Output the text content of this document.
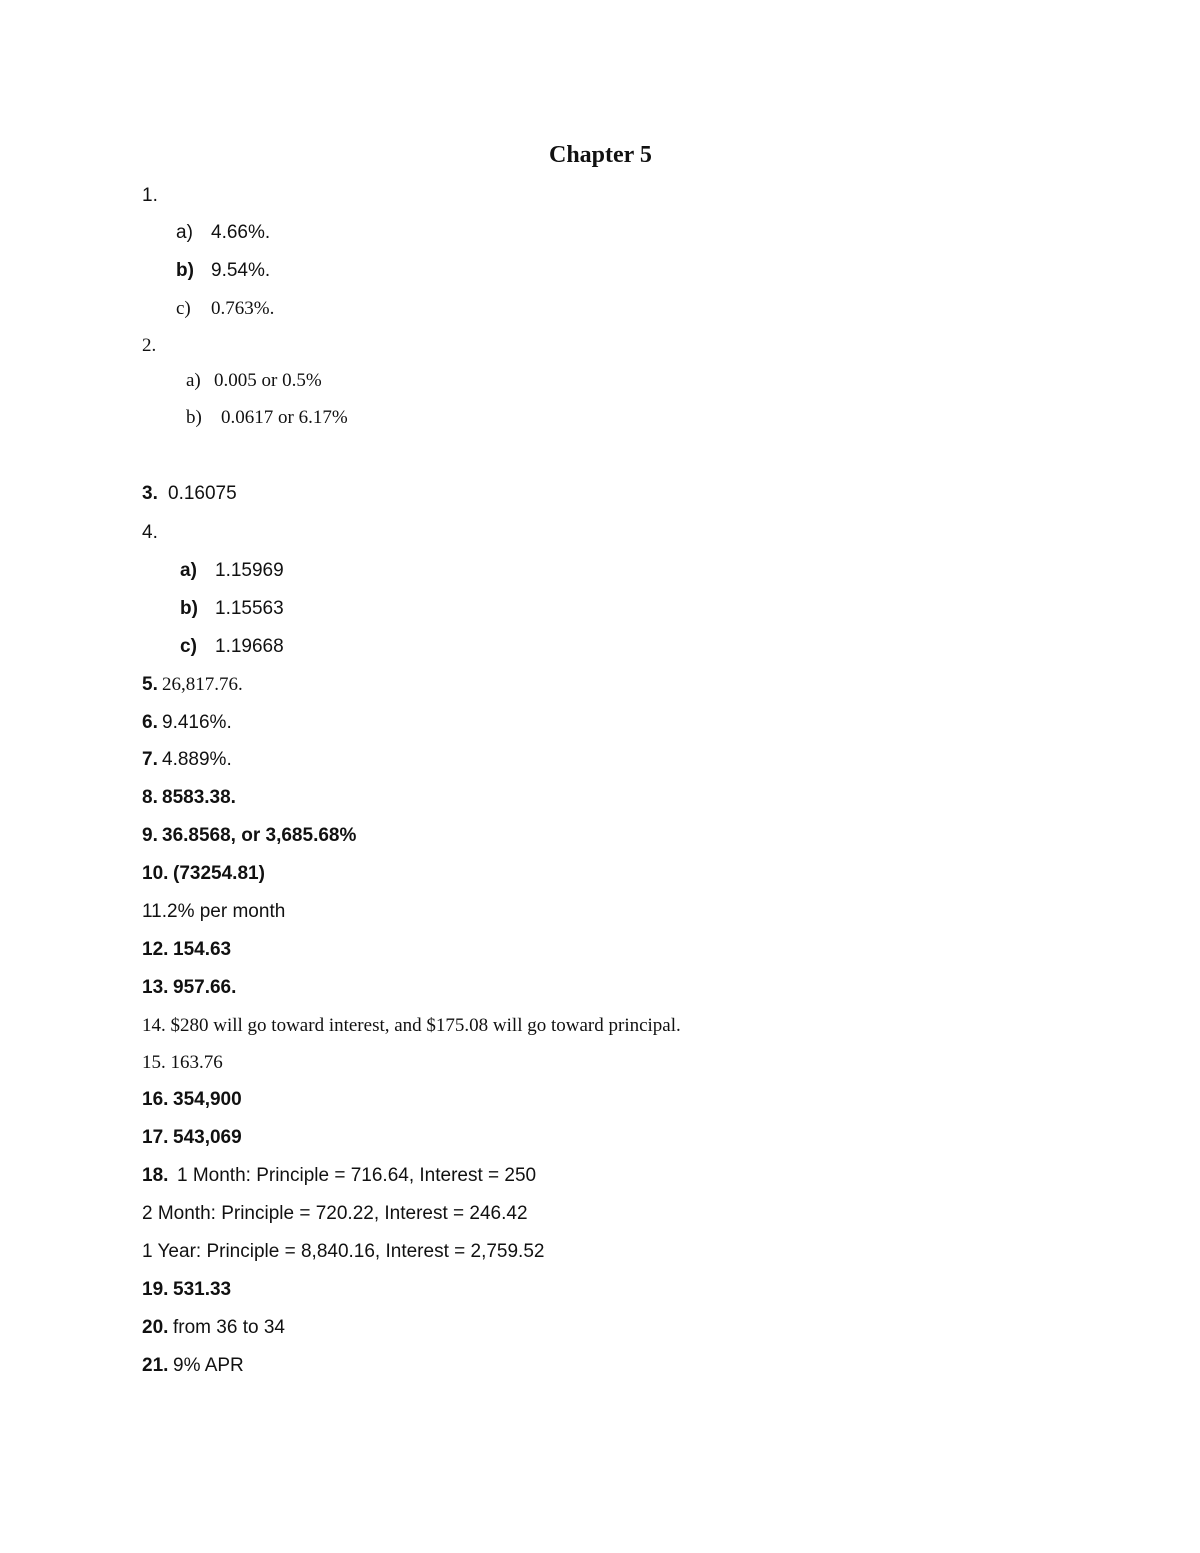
Chapter 5
1.
a) 4.66%.
b) 9.54%.
c) 0.763%.
2.
a) 0.005 or 0.5%
b) 0.0617 or 6.17%
3. 0.16075
4.
a) 1.15969
b) 1.15563
c) 1.19668
5. 26,817.76.
6. 9.416%.
7. 4.889%.
8. 8583.38.
9. 36.8568, or 3,685.68%
10. (73254.81)
11.2% per month
12. 154.63
13. 957.66.
14. $280 will go toward interest, and $175.08 will go toward principal.
15. 163.76
16. 354,900
17. 543,069
18. 1 Month: Principle = 716.64, Interest = 250
2 Month: Principle = 720.22, Interest = 246.42
1 Year: Principle = 8,840.16, Interest = 2,759.52
19. 531.33
20. from 36 to 34
21. 9% APR
